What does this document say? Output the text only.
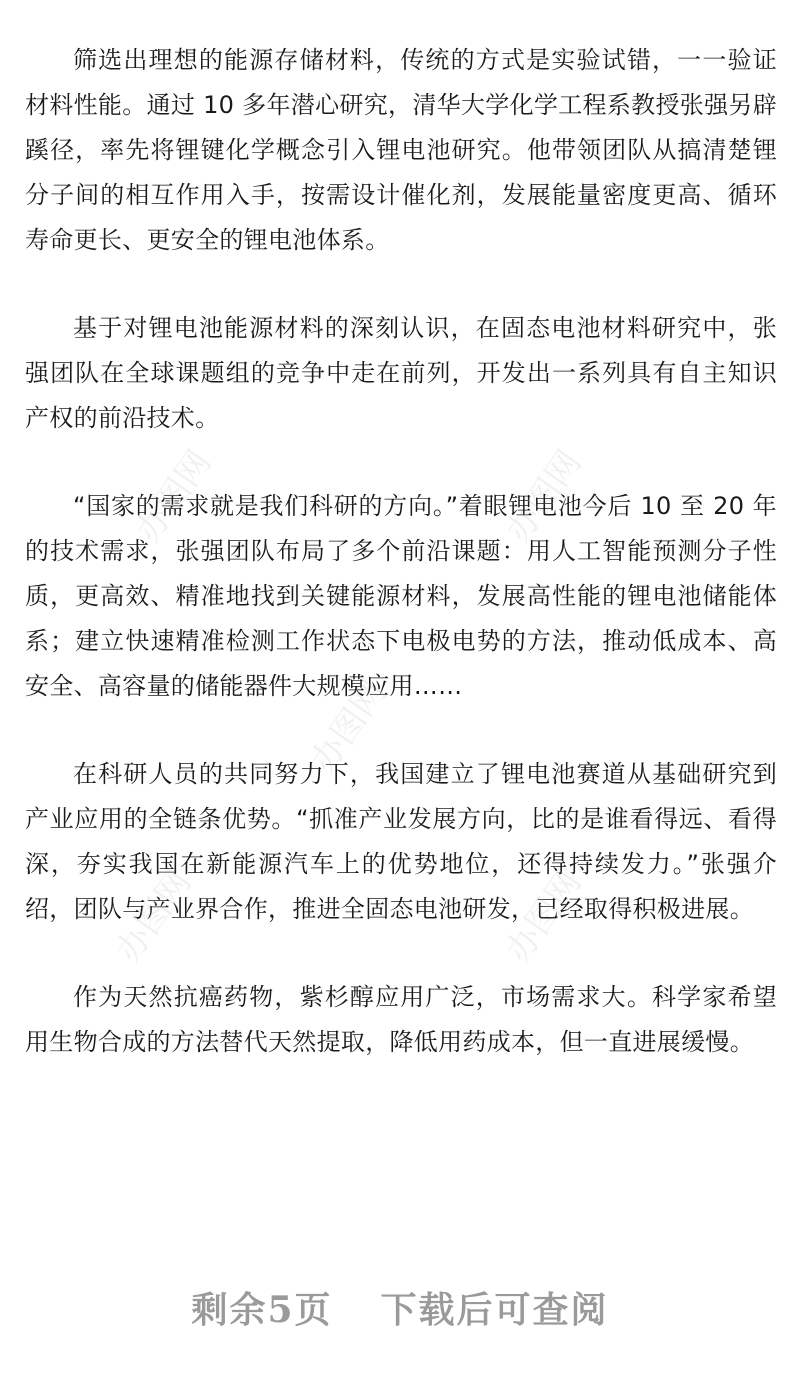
筛选出理想的能源存储材料，传统的方式是实验试错，一一验证材料性能。通过 10 多年潜心研究，清华大学化学工程系教授张强另辟蹊径，率先将锂键化学概念引入锂电池研究。他带领团队从搞清楚锂分子间的相互作用入手，按需设计催化剂，发展能量密度更高、循环寿命更长、更安全的锂电池体系。

基于对锂电池能源材料的深刻认识，在固态电池材料研究中，张强团队在全球课题组的竞争中走在前列，开发出一系列具有自主知识产权的前沿技术。

“国家的需求就是我们科研的方向。”着眼锂电池今后 10 至 20 年的技术需求，张强团队布局了多个前沿课题：用人工智能预测分子性质，更高效、精准地找到关键能源材料，发展高性能的锂电池储能体系；建立快速精准检测工作状态下电极电势的方法，推动低成本、高安全、高容量的储能器件大规模应用……

在科研人员的共同努力下，我国建立了锂电池赛道从基础研究到产业应用的全链条优势。“抓准产业发展方向，比的是谁看得远、看得深，夯实我国在新能源汽车上的优势地位，还得持续发力。”张强介绍，团队与产业界合作，推进全固态电池研发，已经取得积极进展。

作为天然抗癌药物，紫杉醇应用广泛，市场需求大。科学家希望用生物合成的方法替代天然提取，降低用药成本，但一直进展缓慢。

办图网	办图网
办图网
办图网	办图网
剩余5页 下载后可查阅
